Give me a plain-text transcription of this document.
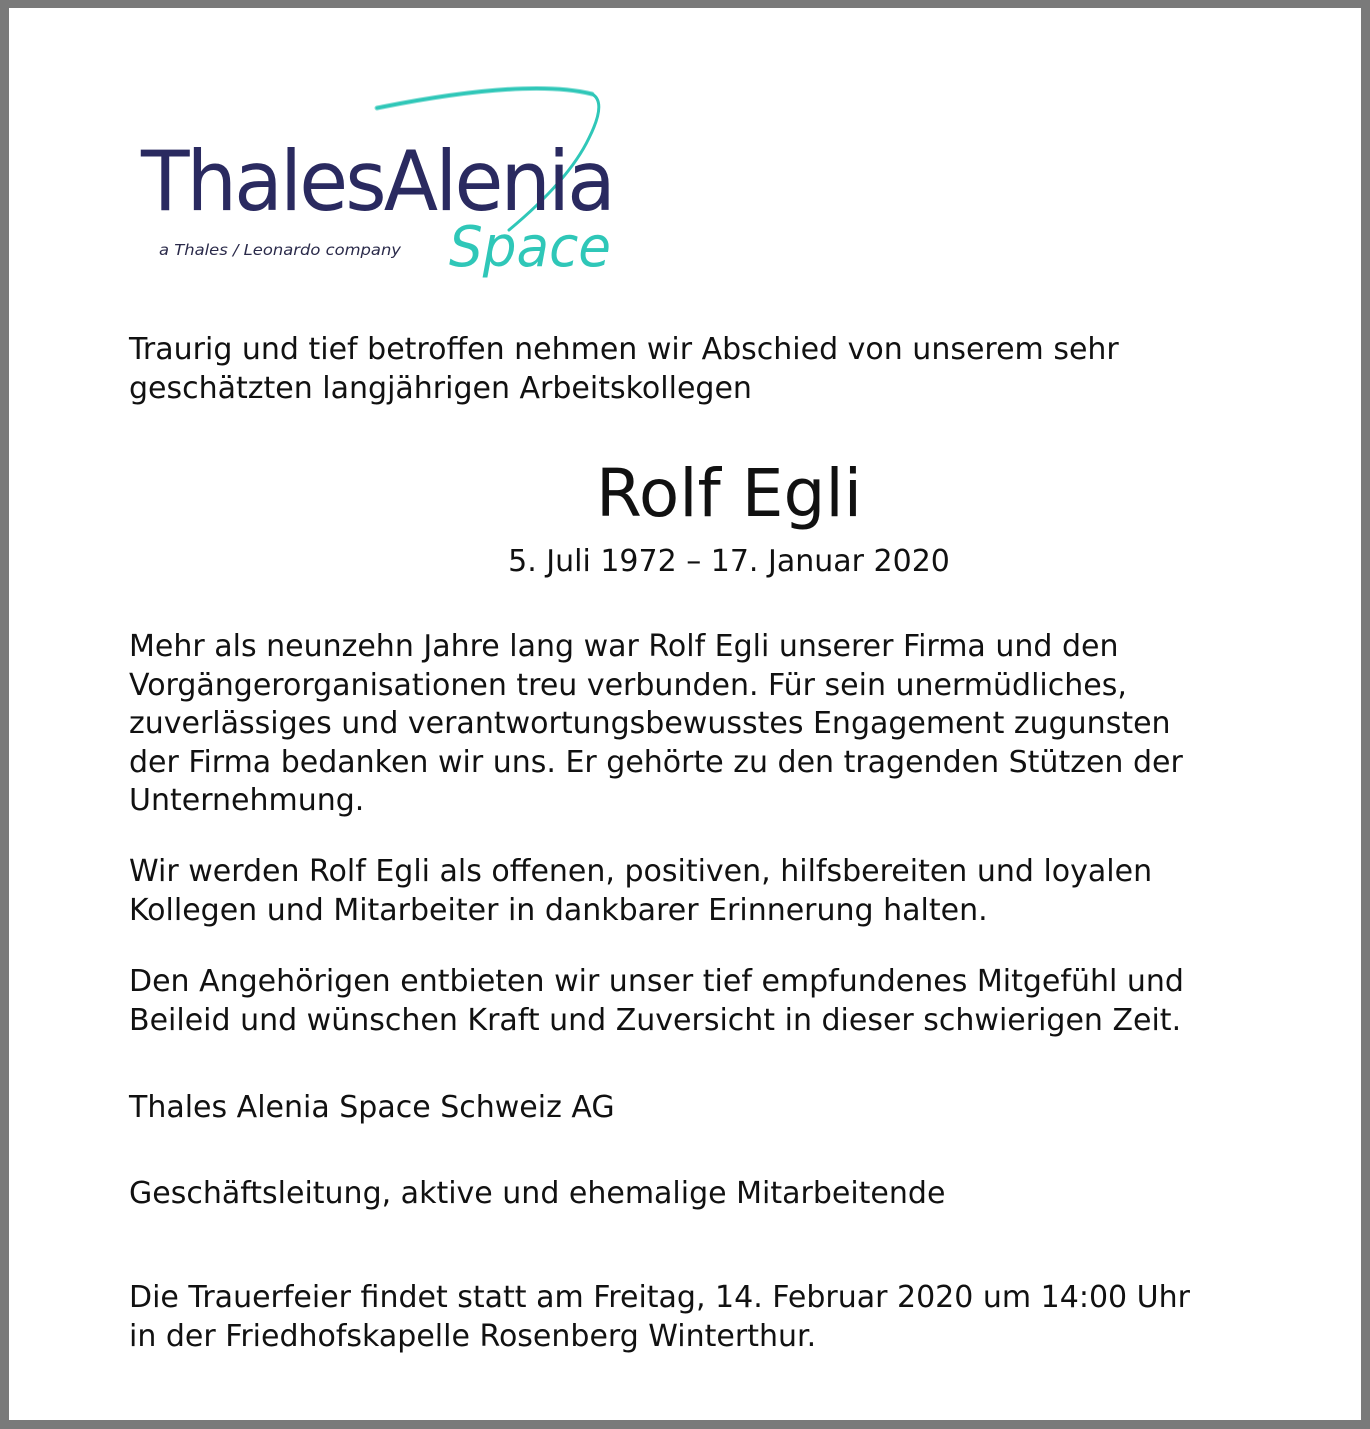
ThalesAlenia
Space
a Thales / Leonardo company

Traurig und tief betroffen nehmen wir Abschied von unserem sehr
geschätzten langjährigen Arbeitskollegen

Rolf Egli

5. Juli 1972 – 17. Januar 2020

Mehr als neunzehn Jahre lang war Rolf Egli unserer Firma und den
Vorgängerorganisationen treu verbunden. Für sein unermüdliches,
zuverlässiges und verantwortungsbewusstes Engagement zugunsten
der Firma bedanken wir uns. Er gehörte zu den tragenden Stützen der
Unternehmung.

Wir werden Rolf Egli als offenen, positiven, hilfsbereiten und loyalen
Kollegen und Mitarbeiter in dankbarer Erinnerung halten.

Den Angehörigen entbieten wir unser tief empfundenes Mitgefühl und
Beileid und wünschen Kraft und Zuversicht in dieser schwierigen Zeit.

Thales Alenia Space Schweiz AG

Geschäftsleitung, aktive und ehemalige Mitarbeitende

Die Trauerfeier findet statt am Freitag, 14. Februar 2020 um 14:00 Uhr
in der Friedhofskapelle Rosenberg Winterthur.
